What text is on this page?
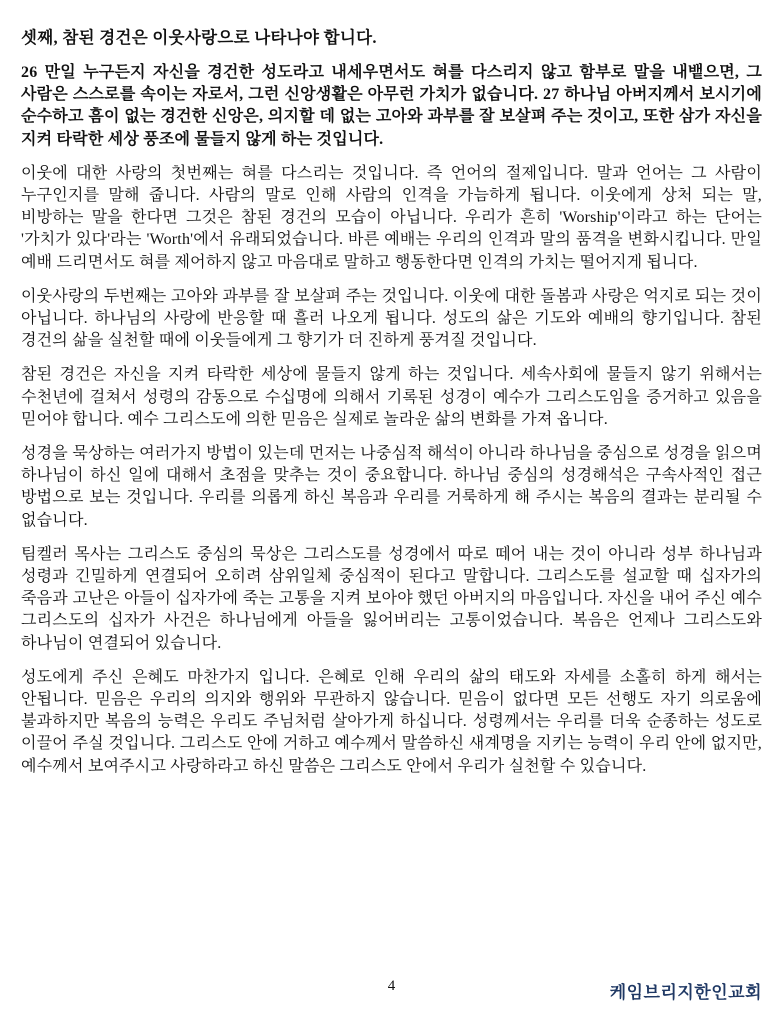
셋째, 참된 경건은 이웃사랑으로 나타나야 합니다.

26 만일 누구든지 자신을 경건한 성도라고 내세우면서도 혀를 다스리지 않고 함부로 말을 내뱉으면, 그 사람은 스스로를 속이는 자로서, 그런 신앙생활은 아무런 가치가 없습니다. 27 하나님 아버지께서 보시기에 순수하고 흠이 없는 경건한 신앙은, 의지할 데 없는 고아와 과부를 잘 보살펴 주는 것이고, 또한 삼가 자신을 지켜 타락한 세상 풍조에 물들지 않게 하는 것입니다.

이웃에 대한 사랑의 첫번째는 혀를 다스리는 것입니다. 즉 언어의 절제입니다. 말과 언어는 그 사람이 누구인지를 말해 줍니다. 사람의 말로 인해 사람의 인격을 가늠하게 됩니다. 이웃에게 상처 되는 말, 비방하는 말을 한다면 그것은 참된 경건의 모습이 아닙니다. 우리가 흔히 'Worship'이라고 하는 단어는 '가치가 있다'라는 'Worth'에서 유래되었습니다. 바른 예배는 우리의 인격과 말의 품격을 변화시킵니다. 만일 예배 드리면서도 혀를 제어하지 않고 마음대로 말하고 행동한다면 인격의 가치는 떨어지게 됩니다.

이웃사랑의 두번째는 고아와 과부를 잘 보살펴 주는 것입니다. 이웃에 대한 돌봄과 사랑은 억지로 되는 것이 아닙니다. 하나님의 사랑에 반응할 때 흘러 나오게 됩니다. 성도의 삶은 기도와 예배의 향기입니다. 참된 경건의 삶을 실천할 때에 이웃들에게 그 향기가 더 진하게 풍겨질 것입니다.

참된 경건은 자신을 지켜 타락한 세상에 물들지 않게 하는 것입니다. 세속사회에 물들지 않기 위해서는 수천년에 걸쳐서 성령의 감동으로 수십명에 의해서 기록된 성경이 예수가 그리스도임을 증거하고 있음을 믿어야 합니다. 예수 그리스도에 의한 믿음은 실제로 놀라운 삶의 변화를 가져 옵니다.

성경을 묵상하는 여러가지 방법이 있는데 먼저는 나중심적 해석이 아니라 하나님을 중심으로 성경을 읽으며 하나님이 하신 일에 대해서 초점을 맞추는 것이 중요합니다. 하나님 중심의 성경해석은 구속사적인 접근 방법으로 보는 것입니다. 우리를 의롭게 하신 복음과 우리를 거룩하게 해 주시는 복음의 결과는 분리될 수 없습니다.

팀켈러 목사는 그리스도 중심의 묵상은 그리스도를 성경에서 따로 떼어 내는 것이 아니라 성부 하나님과 성령과 긴밀하게 연결되어 오히려 삼위일체 중심적이 된다고 말합니다. 그리스도를 설교할 때 십자가의 죽음과 고난은 아들이 십자가에 죽는 고통을 지켜 보아야 했던 아버지의 마음입니다. 자신을 내어 주신 예수 그리스도의 십자가 사건은 하나님에게 아들을 잃어버리는 고통이었습니다. 복음은 언제나 그리스도와 하나님이 연결되어 있습니다.

성도에게 주신 은혜도 마찬가지 입니다. 은혜로 인해 우리의 삶의 태도와 자세를 소홀히 하게 해서는 안됩니다. 믿음은 우리의 의지와 행위와 무관하지 않습니다. 믿음이 없다면 모든 선행도 자기 의로움에 불과하지만 복음의 능력은 우리도 주님처럼 살아가게 하십니다. 성령께서는 우리를 더욱 순종하는 성도로 이끌어 주실 것입니다. 그리스도 안에 거하고 예수께서 말씀하신 새계명을 지키는 능력이 우리 안에 없지만, 예수께서 보여주시고 사랑하라고 하신 말씀은 그리스도 안에서 우리가 실천할 수 있습니다.

4	케임브리지한인교회
